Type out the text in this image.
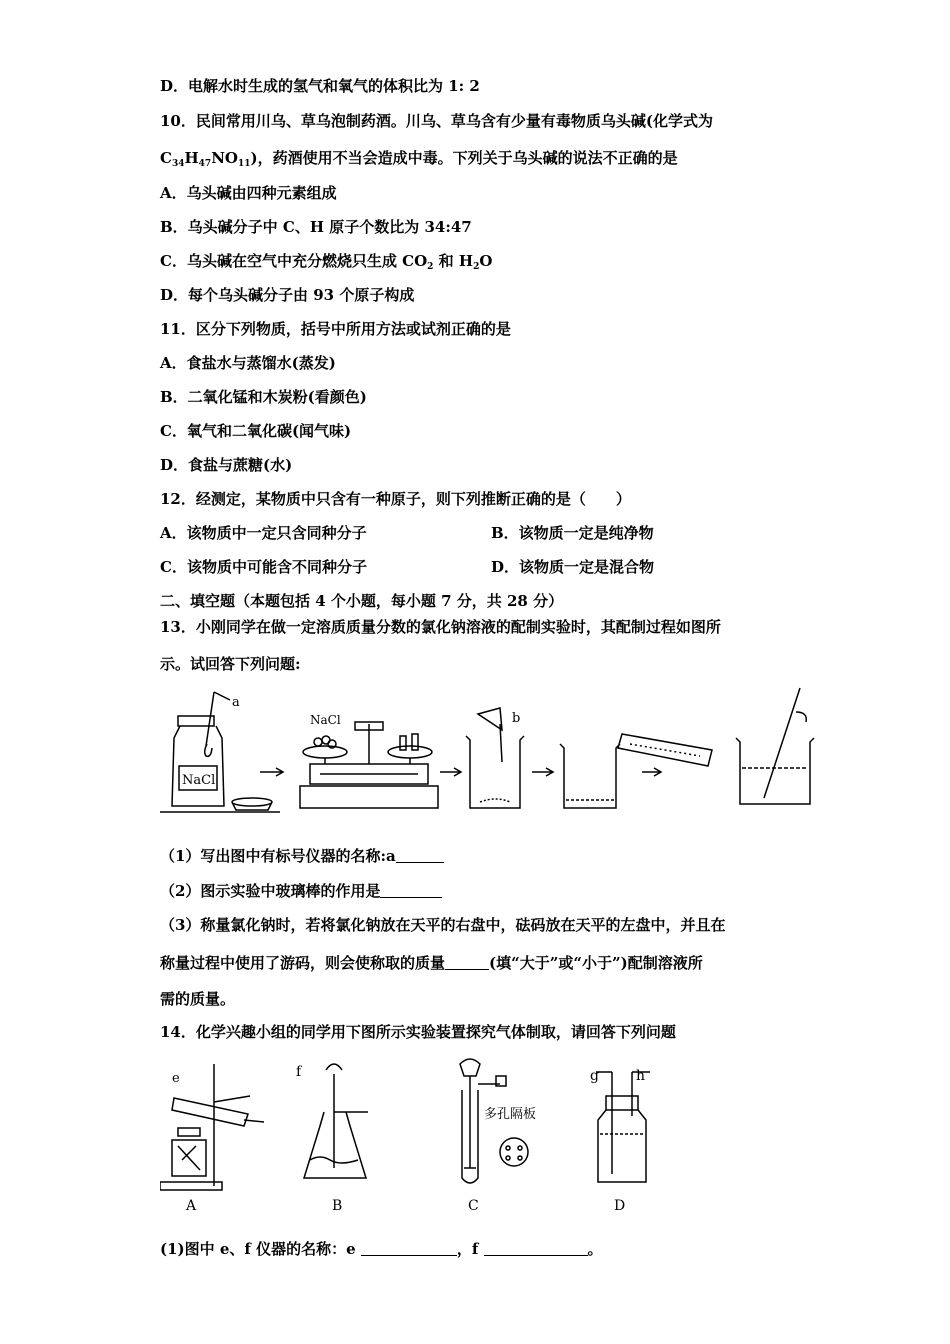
D．电解水时生成的氢气和氧气的体积比为 1: 2
10．民间常用川乌、草乌泡制药酒。川乌、草乌含有少量有毒物质乌头碱(化学式为
$C_{34}H_{47}NO_{11}$)，药酒使用不当会造成中毒。下列关于乌头碱的说法不正确的是
A．乌头碱由四种元素组成
B．乌头碱分子中 C、H 原子个数比为 34:47
C．乌头碱在空气中充分燃烧只生成 $CO_2$ 和 $H_2O$
D．每个乌头碱分子由 93 个原子构成
11．区分下列物质，括号中所用方法或试剂正确的是
A．食盐水与蒸馏水(蒸发)
B．二氧化锰和木炭粉(看颜色)
C．氧气和二氧化碳(闻气味)
D．食盐与蔗糖(水)
12．经测定，某物质中只含有一种原子，则下列推断正确的是（　　）
A．该物质中一定只含同种分子	B．该物质一定是纯净物
C．该物质中可能含不同种分子	D．该物质一定是混合物
二、填空题（本题包括 4 个小题，每小题 7 分，共 28 分）
13．小刚同学在做一定溶质质量分数的氯化钠溶液的配制实验时，其配制过程如图所
示。试回答下列问题:
a
b
NaCl
NaCl
（1）写出图中有标号仪器的名称:a
（2）图示实验中玻璃棒的作用是
（3）称量氯化钠时，若将氯化钠放在天平的右盘中，砝码放在天平的左盘中，并且在
称量过程中使用了游码，则会使称取的质量	(填“大于”或“小于”)配制溶液所
需的质量。
14．化学兴趣小组的同学用下图所示实验装置探究气体制取，请回答下列问题
e	f	g	h
多孔隔板
A	B	C	D
(1)图中 e、f 仪器的名称：e	，f	。
